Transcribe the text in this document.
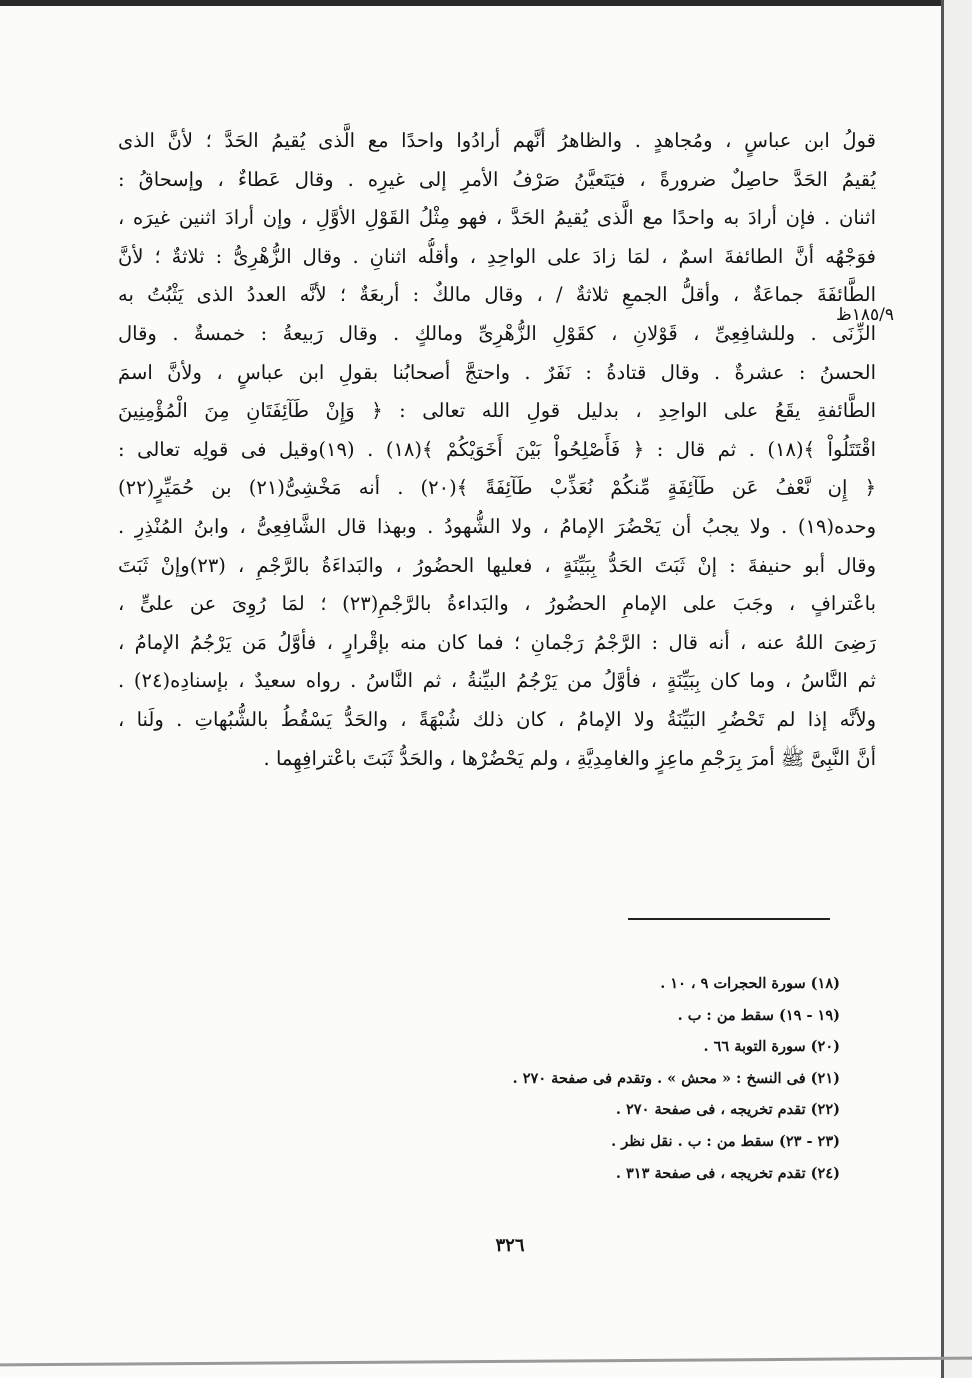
١٨٥/٩ظ
قولُ ابن عباسٍ ، ومُجاهدٍ . والظاهرُ أنَّهم أرادُوا واحدًا مع الَّذى يُقيمُ الحَدَّ ؛ لأنَّ الذى
يُقيمُ الحَدَّ حاصِلٌ ضرورةً ، فيَتَعيَّنُ صَرْفُ الأمرِ إلى غيرِه . وقال عَطاءٌ ، وإسحاقُ :
اثنان . فإن أرادَ به واحدًا مع الَّذى يُقيمُ الحَدَّ ، فهو مِثْلُ القَوْلِ الأوَّلِ ، وإن أرادَ اثنين غيرَه ،
فوَجْهُه أنَّ الطائفةَ اسمٌ ، لمَا زادَ على الواحِدِ ، وأقلُّه اثنانِ . وقال الزُّهْرِىُّ : ثلاثةٌ ؛ لأنَّ
الطَّائفَةَ جماعَةٌ ، وأقلُّ الجمعِ ثلاثةٌ / ، وقال مالكٌ : أربعَةٌ ؛ لأنَّه العددُ الذى يَثْبُتُ به
الزِّنَى . وللشافِعِىِّ ، قَوْلانِ ، كقَوْلِ الزُّهْرِىِّ ومالكٍ . وقال رَبيعةُ : خمسةٌ . وقال
الحسنُ : عشرةٌ . وقال قتادةُ : نَفَرٌ . واحتجَّ أصحابُنا بقولِ ابن عباسٍ ، ولأنَّ اسمَ
الطَّائفةِ يقَعُ على الواحِدِ ، بدليل قولِ الله تعالى : ﴿ وَإِنْ طَآئِفَتَانِ مِنَ الْمُؤْمِنِينَ
اقْتَتَلُواْ ﴾(١٨) . ثم قال : ﴿ فَأَصْلِحُواْ بَيْنَ أَخَوَيْكُمْ ﴾(١٨) . (١٩)وقيل فى قولِه تعالى :
﴿ إِن نَّعْفُ عَن طَآئِفَةٍ مِّنكُمْ نُعَذِّبْ طَآئِفَةً ﴾(٢٠) . أنه مَخْشِىُّ(٢١) بن حُمَيِّرٍ(٢٢)
وحده(١٩) . ولا يجبُ أن يَحْضُرَ الإمامُ ، ولا الشُّهودُ . وبهذا قال الشَّافِعِىُّ ، وابنُ المُنْذِرِ .
وقال أبو حنيفةَ : إنْ ثَبَتَ الحَدُّ بِبَيِّنَةٍ ، فعليها الحضُورُ ، والبَداءَةُ بالرَّجْمِ ، (٢٣)وإنْ ثَبَتَ
باعْترافٍ ، وجَبَ على الإمامِ الحضُورُ ، والبَداءةُ بالرَّجْمِ(٢٣) ؛ لمَا رُوِىَ عن علىٍّ ،
رَضِىَ اللهُ عنه ، أنه قال : الرَّجْمُ رَجْمانِ ؛ فما كان منه بإقْرارٍ ، فأوَّلُ مَن يَرْجُمُ الإمامُ ،
ثم النَّاسُ ، وما كان بِبَيِّنَةٍ ، فأوَّلُ من يَرْجُمُ البيِّنةُ ، ثم النَّاسُ . رواه سعيدٌ ، بإسنادِه(٢٤) .
ولأنَّه إذا لم تَحْضُرِ البَيِّنَةُ ولا الإمامُ ، كان ذلك شُبْهَةً ، والحَدُّ يَسْقُطُ بالشُّبُهاتِ . ولَنا ،
أنَّ النَّبِىَّ ﷺ أمرَ بِرَجْمِ ماعِزٍ والغامِدِيَّةِ ، ولم يَحْضُرْها ، والحَدُّ ثَبَتَ باعْترافِهِما .
(١٨) سورة الحجرات ٩ ، ١٠ .
(١٩ - ١٩) سقط من : ب .
(٢٠) سورة التوبة ٦٦ .
(٢١) فى النسخ : « محش » . وتقدم فى صفحة ٢٧٠ .
(٢٢) تقدم تخريجه ، فى صفحة ٢٧٠ .
(٢٣ - ٢٣) سقط من : ب . نقل نظر .
(٢٤) تقدم تخريجه ، فى صفحة ٣١٣ .
٣٢٦
